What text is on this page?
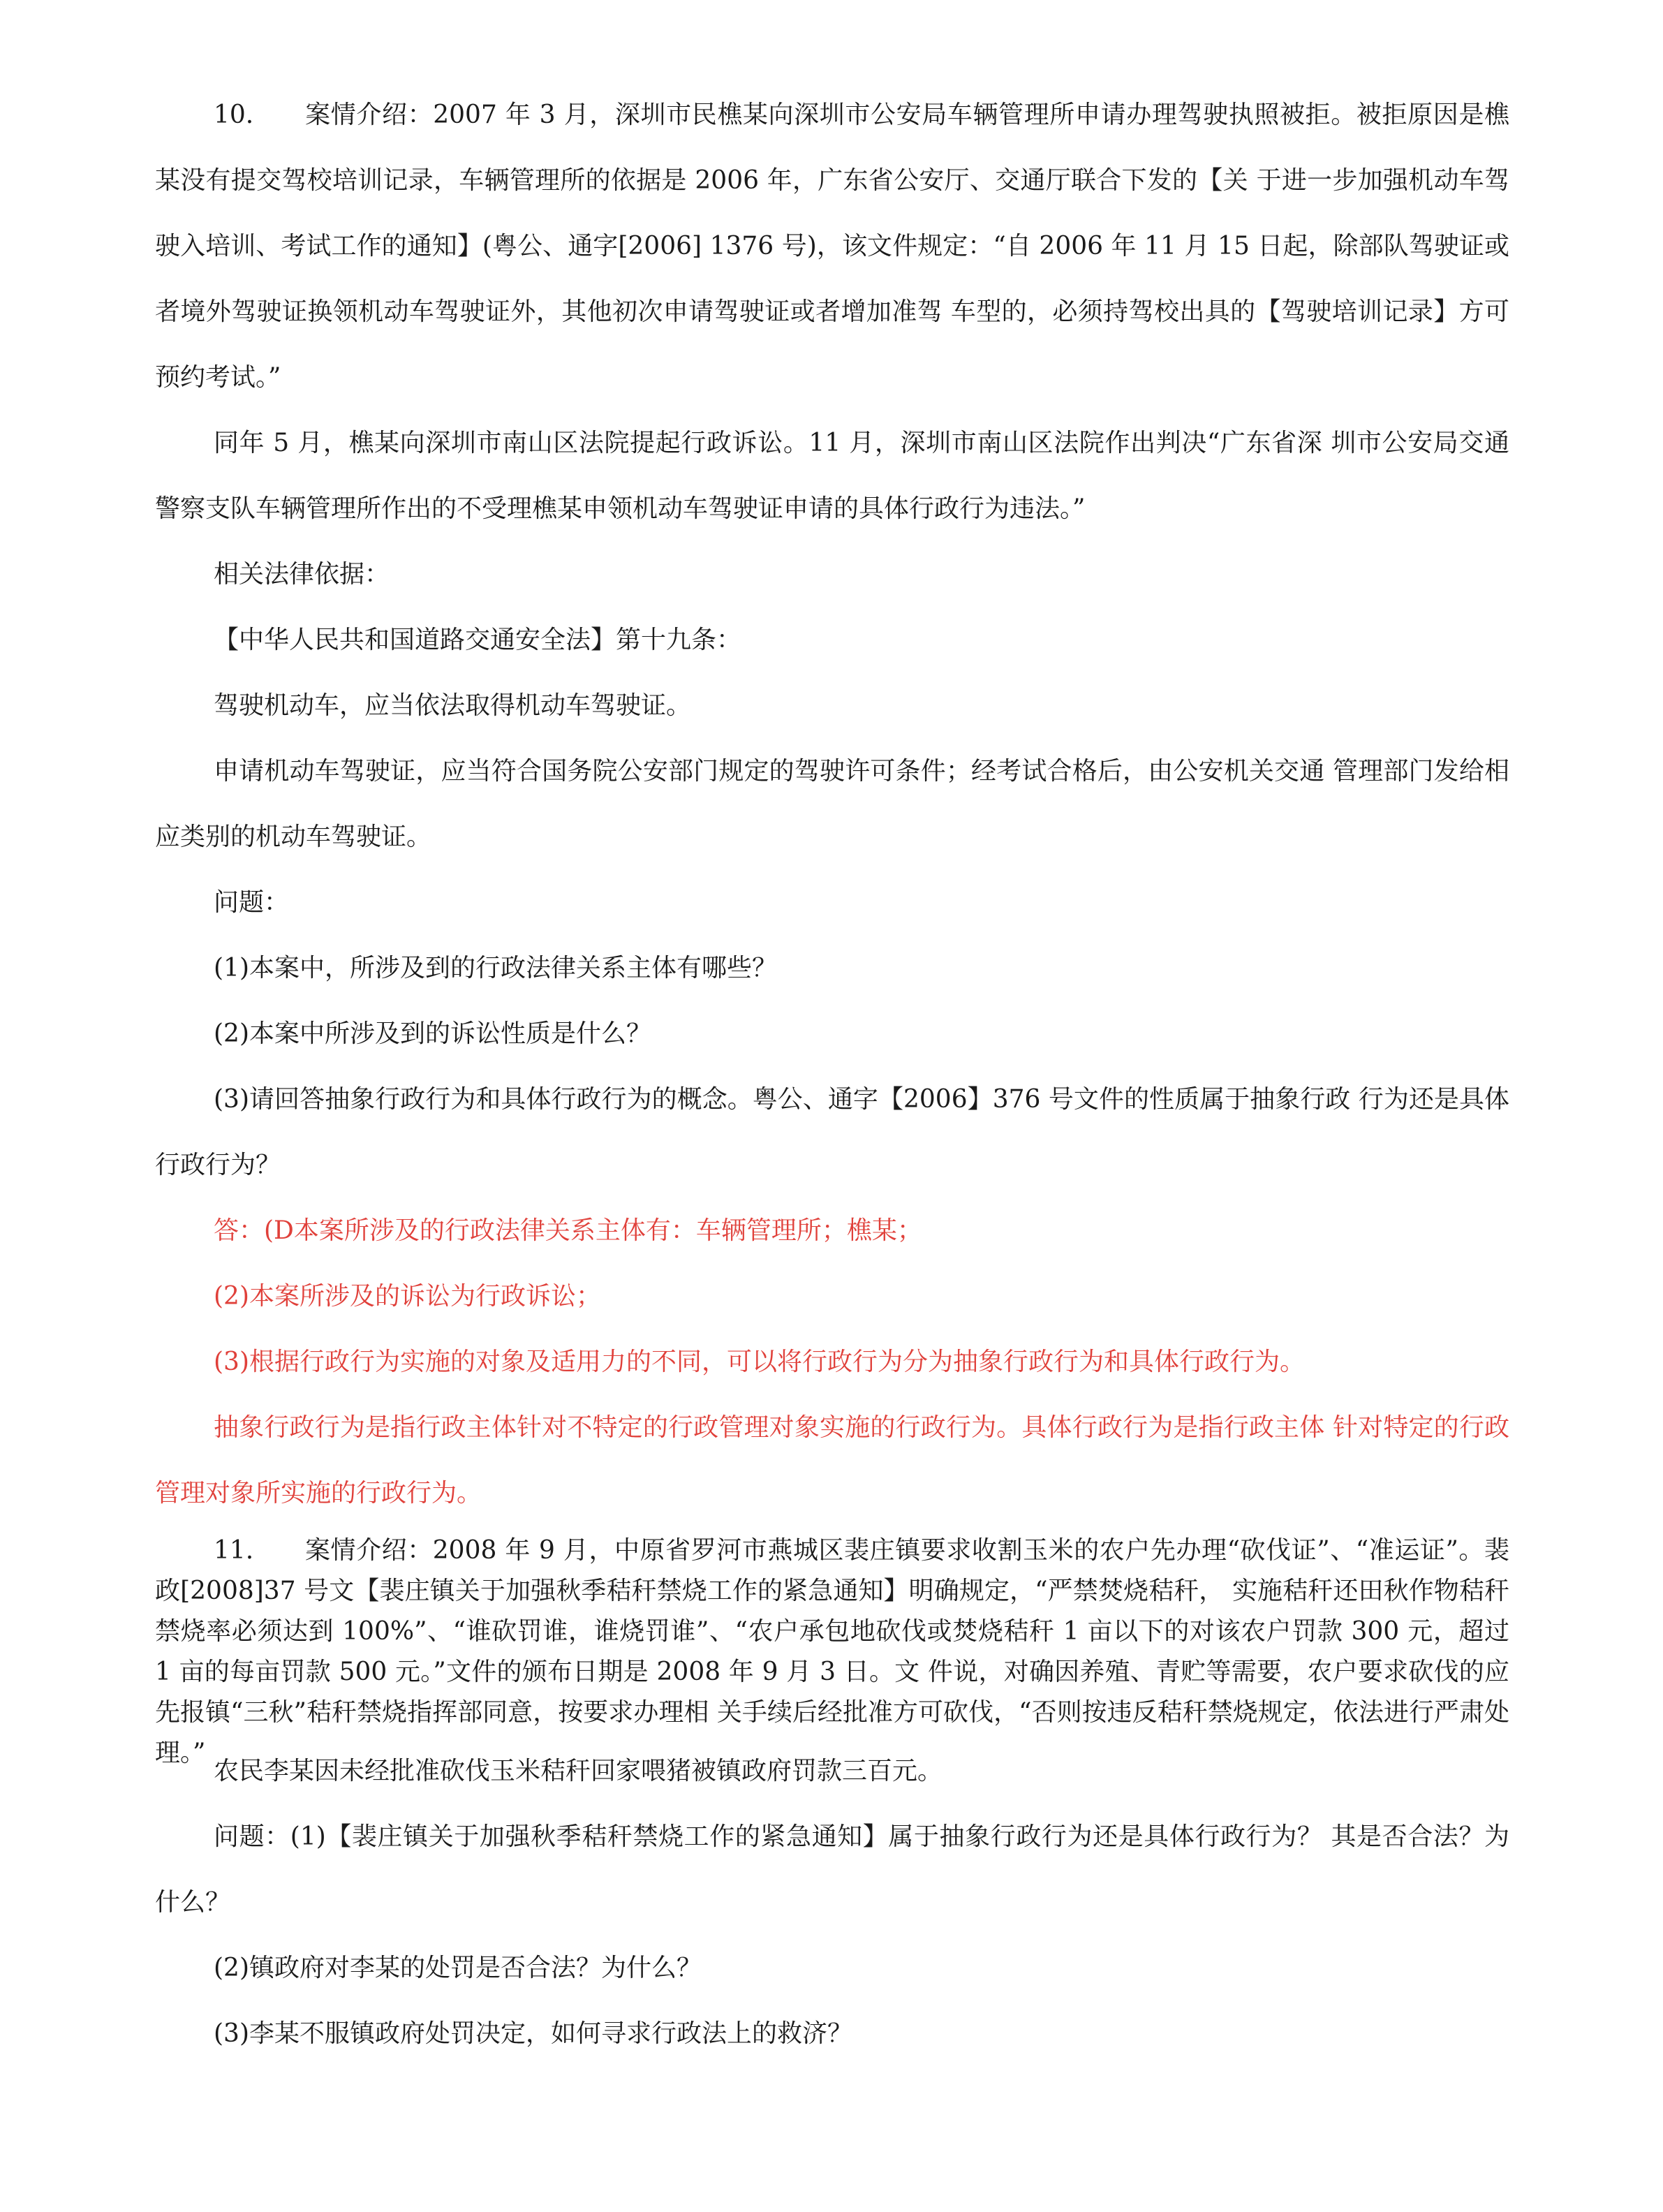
10.　　案情介绍：2007 年 3 月，深圳市民樵某向深圳市公安局车辆管理所申请办理驾驶执照被拒。被拒原因是樵某没有提交驾校培训记录，车辆管理所的依据是 2006 年，广东省公安厅、交通厅联合下发的【关 于进一步加强机动车驾驶入培训、考试工作的通知】(粤公、通字[2006] 1376 号)，该文件规定：“自 2006 年 11 月 15 日起，除部队驾驶证或者境外驾驶证换领机动车驾驶证外，其他初次申请驾驶证或者增加准驾 车型的，必须持驾校出具的【驾驶培训记录】方可预约考试。”

同年 5 月，樵某向深圳市南山区法院提起行政诉讼。11 月，深圳市南山区法院作出判决“广东省深 圳市公安局交通警察支队车辆管理所作出的不受理樵某申领机动车驾驶证申请的具体行政行为违法。”

相关法律依据：

【中华人民共和国道路交通安全法】第十九条：

驾驶机动车，应当依法取得机动车驾驶证。

申请机动车驾驶证，应当符合国务院公安部门规定的驾驶许可条件；经考试合格后，由公安机关交通 管理部门发给相应类别的机动车驾驶证。

问题：

(1)本案中，所涉及到的行政法律关系主体有哪些？

(2)本案中所涉及到的诉讼性质是什么？

(3)请回答抽象行政行为和具体行政行为的概念。粤公、通字【2006】376 号文件的性质属于抽象行政 行为还是具体行政行为？

答：(D本案所涉及的行政法律关系主体有：车辆管理所；樵某；

(2)本案所涉及的诉讼为行政诉讼；

(3)根据行政行为实施的对象及适用力的不同，可以将行政行为分为抽象行政行为和具体行政行为。

抽象行政行为是指行政主体针对不特定的行政管理对象实施的行政行为。具体行政行为是指行政主体 针对特定的行政管理对象所实施的行政行为。

11.　　案情介绍：2008 年 9 月，中原省罗河市燕城区裴庄镇要求收割玉米的农户先办理“砍伐证”、“准运证”。裴政[2008]37 号文【裴庄镇关于加强秋季秸秆禁烧工作的紧急通知】明确规定，“严禁焚烧秸秆， 实施秸秆还田秋作物秸秆禁烧率必须达到 100%”、“谁砍罚谁，谁烧罚谁”、“农户承包地砍伐或焚烧秸秆 1 亩以下的对该农户罚款 300 元，超过 1 亩的每亩罚款 500 元。”文件的颁布日期是 2008 年 9 月 3 日。文 件说，对确因养殖、青贮等需要，农户要求砍伐的应先报镇“三秋”秸秆禁烧指挥部同意，按要求办理相 关手续后经批准方可砍伐，“否则按违反秸秆禁烧规定，依法进行严肃处理。”

农民李某因未经批准砍伐玉米秸秆回家喂猪被镇政府罚款三百元。

问题：(1)【裴庄镇关于加强秋季秸秆禁烧工作的紧急通知】属于抽象行政行为还是具体行政行为？ 其是否合法？为什么？

(2)镇政府对李某的处罚是否合法？为什么？

(3)李某不服镇政府处罚决定，如何寻求行政法上的救济？
